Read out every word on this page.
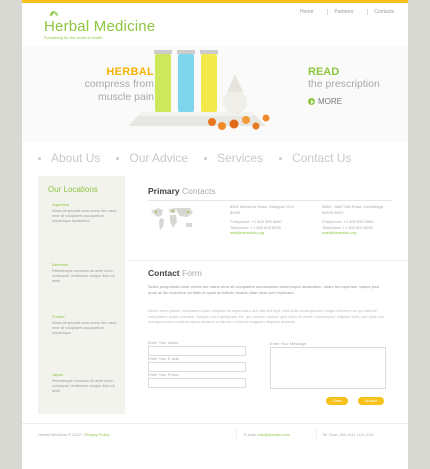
Herbal Medicine
Everything for the world of health
Home	Partners	Contacts
HERBAL
compress from
muscle pain
READ
the prescription
MORE
About Us Our Advice Services Contact Us
Our Locations
Argentina
Sedut perspiciatis unde omnis iste natus error sit voluptatem accusantium doloremque laudantium
Denmark
Pellentesque commodo sit amet nisi in consequat. Vestibulum congue dolor sit amet
Poland
Sedut perspiciatis unde omnis iste natus error sit voluptatem accusantium doloremque
Japan
Pellentesque commodo sit amet nisi in consequat. Vestibulum congue dolor sit amet
Primary Contacts
8901 Marmora Road, Glasgow, D04 89GR.
Freephone: +1 800 559 6580
Telephone: +1 800 603 6035
mail@demolink.org
9863 - 9867 Mill Road, Cambridge, MG09 99HT.
Freephone: +1 800 559 6580
Telephone: +1 800 603 6035
mail@demolink.org
Contact Form
Sedut perspiciatis unde omnis iste natus error sit voluptatem accusantium doloremque laudantium, totam rem aperiam, eaque ipsa quae ab illo inventore veritatis et quasi architecto beatae vitae dicta sunt explicabo.
Nemo enim ipsam voluptatem quia voluptas sit aspernatur aut odit aut fugit, sed quia consequuntur magni dolores eos qui ratione voluptatem sequi nesciunt. Neque porro quisquam est, qui dolorem ipsum quia dolor sit amet, consectetur, adipisci velit, sed quia non numquam eius modi tempora incidunt ut labore et dolore magnam aliquam quaerat.
Enter Your Name
Enter Your E-mail
Enter Your Phone
Enter Your Message
Clear	Submit
Herbal Medicine © 2012 • Privacy Policy	E-mail: info@domain.com	Tel. Ewe: 202-1111 | 111-1111
